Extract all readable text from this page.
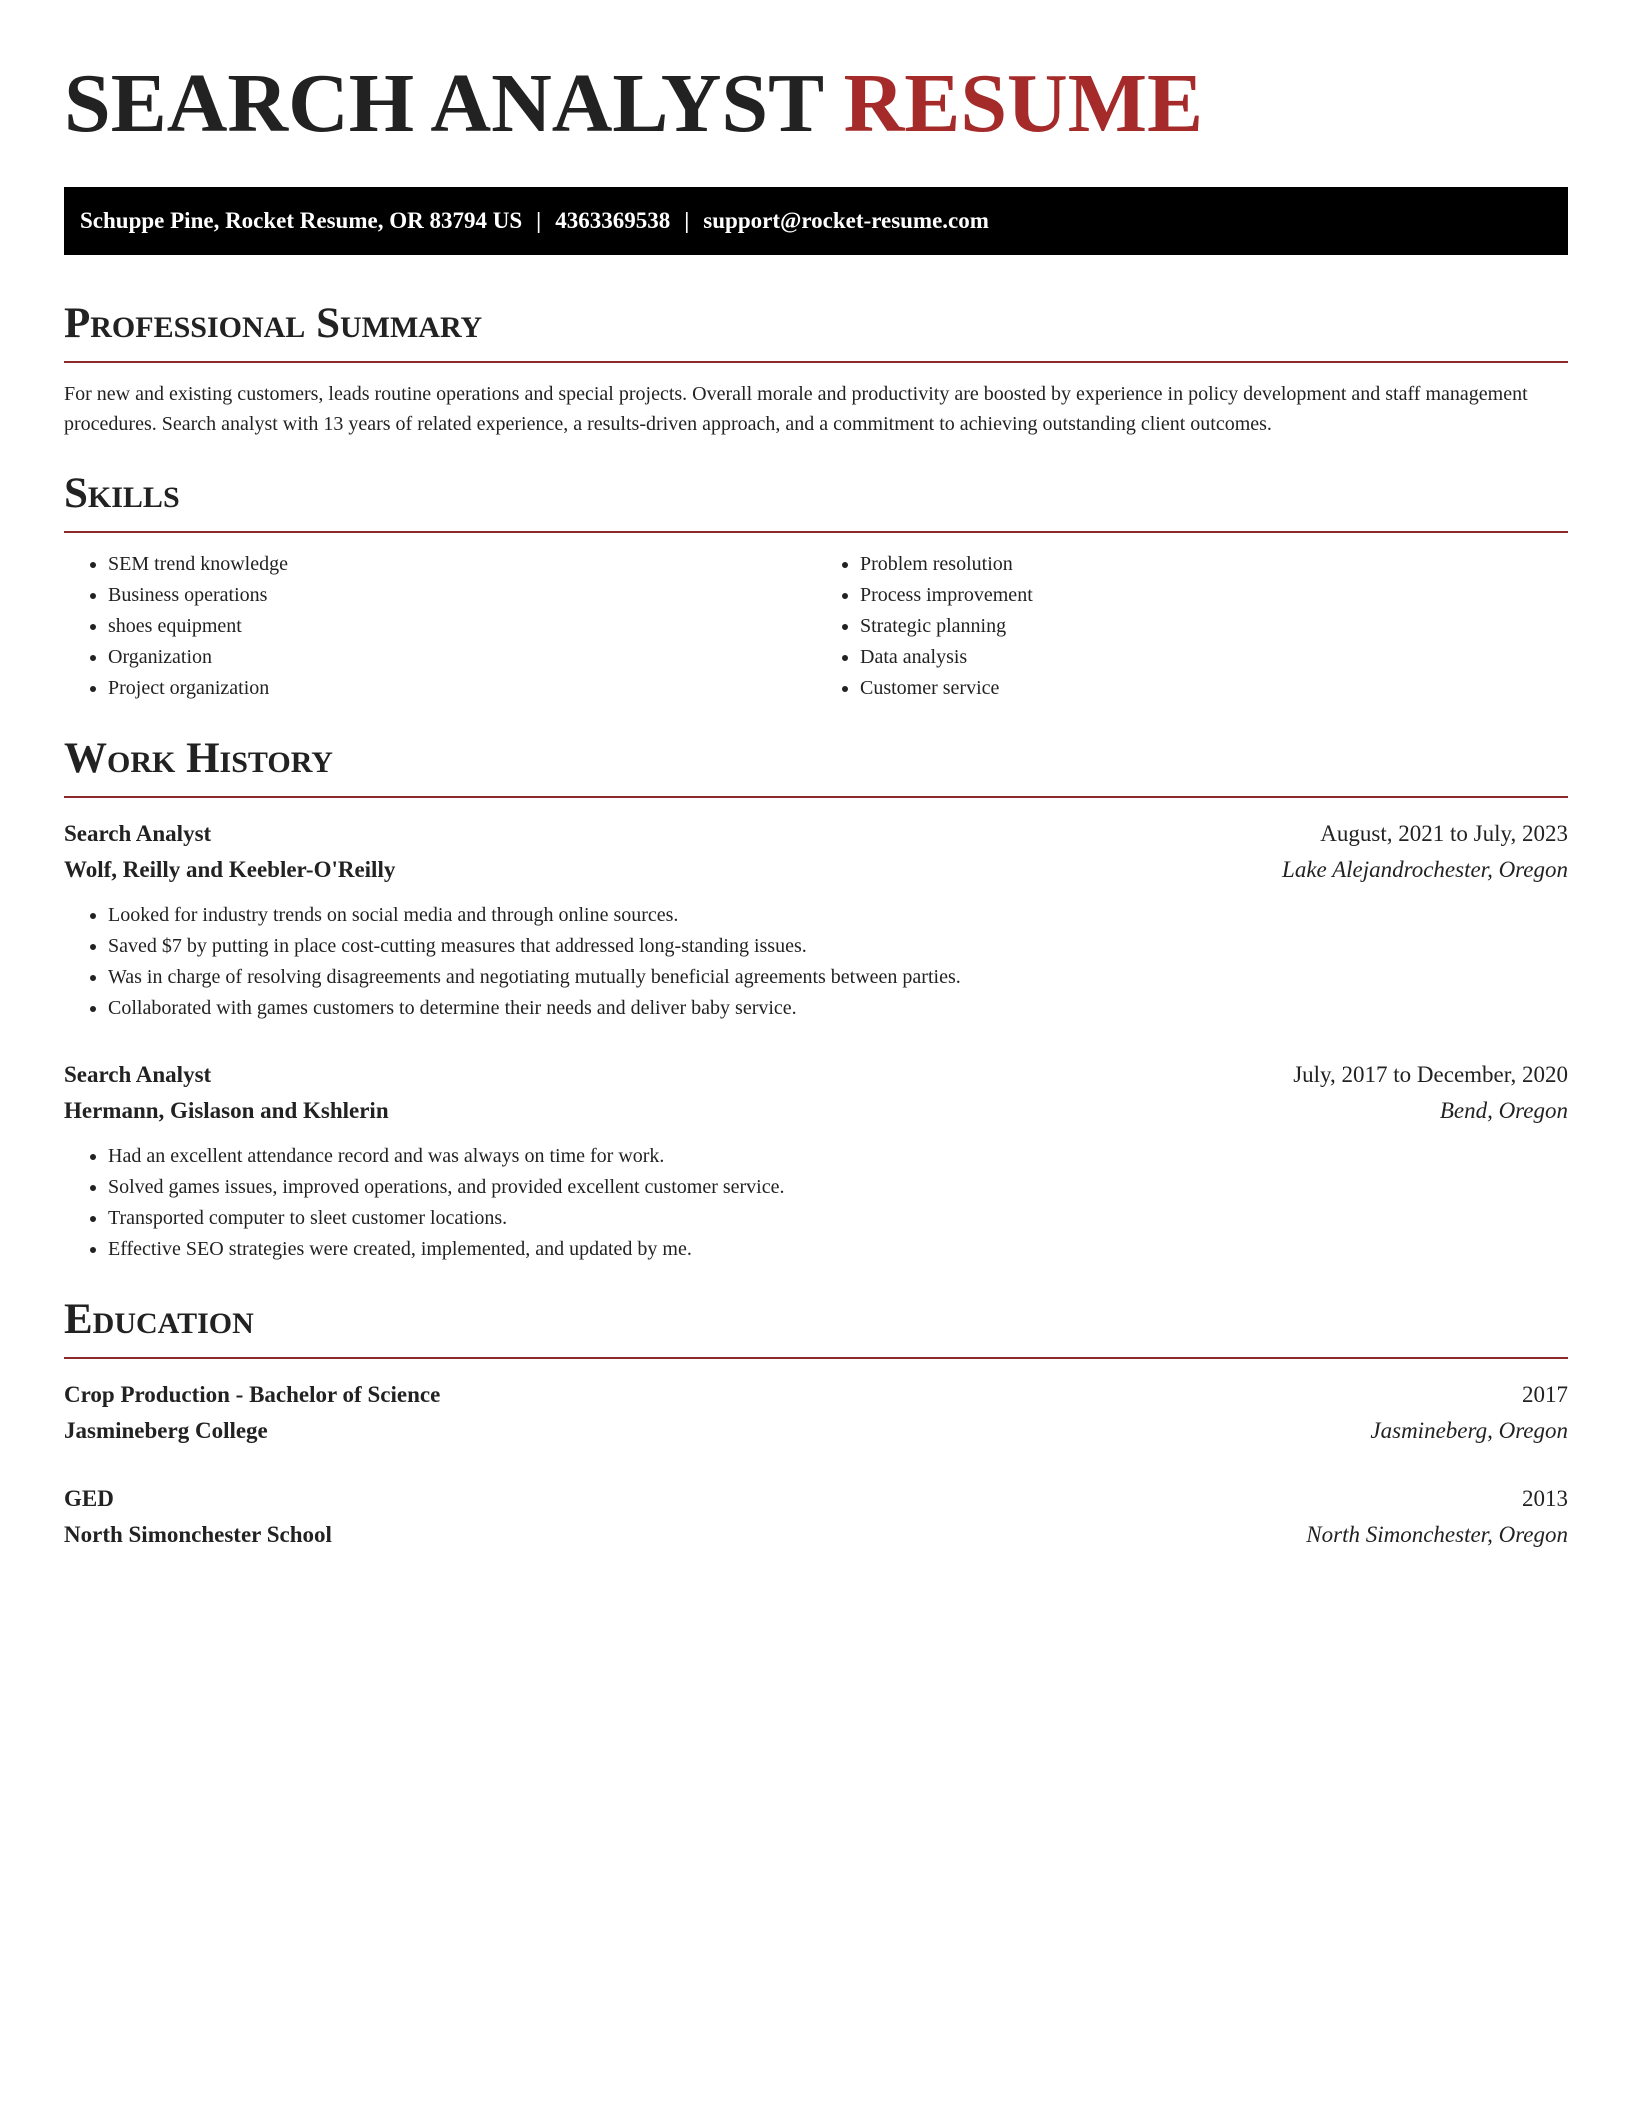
SEARCH ANALYST RESUME
Schuppe Pine, Rocket Resume, OR 83794 US | 4363369538 | support@rocket-resume.com
Professional Summary

For new and existing customers, leads routine operations and special projects. Overall morale and productivity are boosted by experience in policy development and staff management procedures. Search analyst with 13 years of related experience, a results-driven approach, and a commitment to achieving outstanding client outcomes.

Skills
• SEM trend knowledge
• Business operations
• shoes equipment
• Organization
• Project organization
• Problem resolution
• Process improvement
• Strategic planning
• Data analysis
• Customer service
Work History
Search Analyst	August, 2021 to July, 2023
Wolf, Reilly and Keebler-O'Reilly	Lake Alejandrochester, Oregon
• Looked for industry trends on social media and through online sources.
• Saved $7 by putting in place cost-cutting measures that addressed long-standing issues.
• Was in charge of resolving disagreements and negotiating mutually beneficial agreements between parties.
• Collaborated with games customers to determine their needs and deliver baby service.
Search Analyst	July, 2017 to December, 2020
Hermann, Gislason and Kshlerin	Bend, Oregon
• Had an excellent attendance record and was always on time for work.
• Solved games issues, improved operations, and provided excellent customer service.
• Transported computer to sleet customer locations.
• Effective SEO strategies were created, implemented, and updated by me.
Education
Crop Production - Bachelor of Science	2017
Jasmineberg College	Jasmineberg, Oregon
GED	2013
North Simonchester School	North Simonchester, Oregon
